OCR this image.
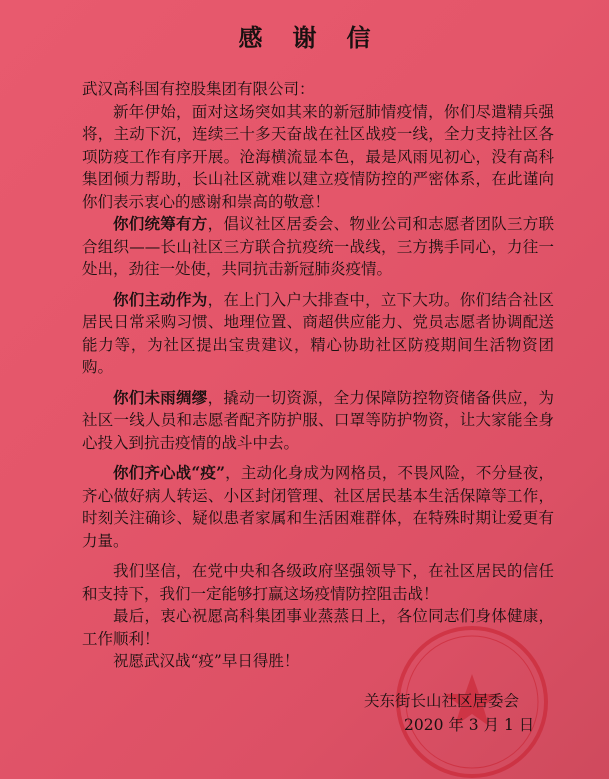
感谢信

武汉高科国有控股集团有限公司：

新年伊始，面对这场突如其来的新冠肺情疫情，你们尽遣精兵强将，主动下沉，连续三十多天奋战在社区战疫一线，全力支持社区各项防疫工作有序开展。沧海横流显本色，最是风雨见初心，没有高科集团倾力帮助，长山社区就难以建立疫情防控的严密体系，在此谨向你们表示衷心的感谢和崇高的敬意！

你们统筹有方，倡议社区居委会、物业公司和志愿者团队三方联合组织——长山社区三方联合抗疫统一战线，三方携手同心，力往一处出，劲往一处使，共同抗击新冠肺炎疫情。

你们主动作为，在上门入户大排查中，立下大功。你们结合社区居民日常采购习惯、地理位置、商超供应能力、党员志愿者协调配送能力等，为社区提出宝贵建议，精心协助社区防疫期间生活物资团购。

你们未雨绸缪，撬动一切资源，全力保障防控物资储备供应，为社区一线人员和志愿者配齐防护服、口罩等防护物资，让大家能全身心投入到抗击疫情的战斗中去。

你们齐心战“疫”，主动化身成为网格员，不畏风险，不分昼夜，齐心做好病人转运、小区封闭管理、社区居民基本生活保障等工作，时刻关注确诊、疑似患者家属和生活困难群体，在特殊时期让爱更有力量。

我们坚信，在党中央和各级政府坚强领导下，在社区居民的信任和支持下，我们一定能够打赢这场疫情防控阻击战！

最后，衷心祝愿高科集团事业蒸蒸日上，各位同志们身体健康，工作顺利！

祝愿武汉战“疫”早日得胜！

关东街长山社区居委会
2020 年 3 月 1 日
